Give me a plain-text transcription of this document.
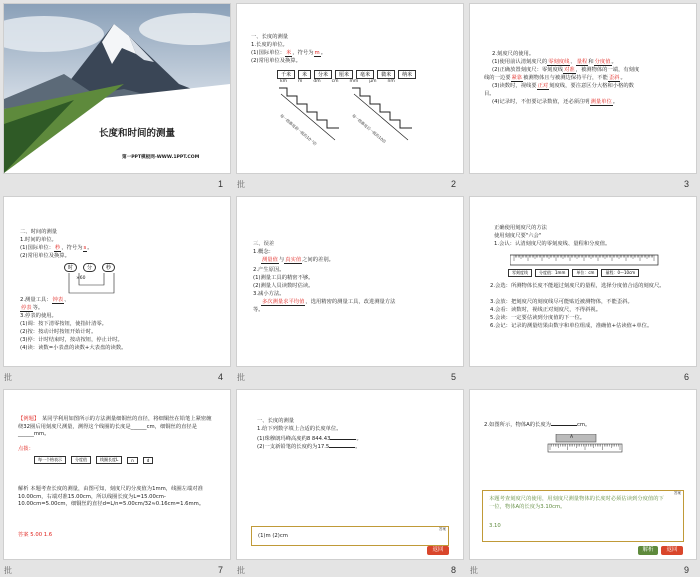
长度和时间的测量
第一PPT模板网-WWW.1PPT.COM
1
一、长度的测量
1.长度的单位。
(1)国际单位：米，符号为m。
(2)常用单位及换算。
千米	米	分米	厘米	毫米	微米	纳米
km m dm cm mm μm nm
每一级都是前一级的10⁻¹倍	每一级都是后一级的10倍
2
批
2.刻度尺的使用。
(1)使用前认清刻度尺的零刻度线、量程和分度值。
(2)正确放置刻度尺：零刻度线对准，被测物体的一端，有刻度
线的一边要紧靠被测物体且与被测边保持平行，不能歪斜。
(3)读数时，视线要正对刻度线，要注意区分大格和小格的数
目。
(4)记录时，不但要记录数值，还必须注明测量单位。
3
二、时间的测量
1.时间的单位。
(1)国际单位：秒，符号为s。
(2)常用单位及换算。
时	分	秒
×60
2.测量工具：钟表、
停表等。
3.停表的使用。
(1)调：按下清零按钮，使指针清零。
(2)按：按动计时按钮开始计时。
(3)停：计时结束时，按动按钮，停止计时。
(4)读：读数=小表盘的读数+大表盘的读数。
4
批
三、误差
1.概念：
测量值与真实值之间的差别。
2.产生原因。
(1)测量工具的精密不够。
(2)测量人员读数时估读。
3.减小方法。
多次测量求平均值，选用精密的测量工具，改进测量方法
等。
5
批
正确使用刻度尺的方法
使用刻度尺要"六会"
1.会认：认清刻度尺的零刻度线、量程和分度值。
零刻度线	分度值：1mm	单位：cm	量程：0～10cm
2.会选：所测物体长度不能超过刻度尺的量程，选择分度值合适的刻度尺。
3.会放：把刻度尺的刻度线尽可能贴近被测物体，不能歪斜。
4.会看：读数时，视线正对刻度尺，不得斜视。
5.会读：一定要估读到分度值的下一位。
6.会记：记录的测量结果由数字和单位组成，准确值+估读值+单位。
6
【例题】 某同学利用如图所示的方法测量细铜丝的直径，将细铜丝在铅笔上紧密缠绕32圈后用刻度尺测量，测得这个线圈的长度是______cm，细铜丝的直径是______mm。
点拨：
每一个格表示	分度值	线圈长度L	n	d
解析 本题考查长度的测量，由图可知，刻度尺的分度值为1mm，线圈左端对准10.00cm，右端对准15.00cm，所以线圈长度为L=15.00cm-10.00cm=5.00cm，细铜丝的直径d=L/n=5.00cm/32≈0.16cm=1.6mm。
答案 5.00 1.6
7
批
一、长度的测量
1.给下列数字填上合适的长度单位。
(1)珠穆朗玛峰高度约8 844.43	。
(2)一支新铅笔的长度约为17.5	。
答案
(1)m (2)cm
返回
8
批
2.如图所示，物体A的长度为	cm。
A
答案
本题考查刻度尺的使用，用刻度尺测量物体的长度时必须估读到分度值的下一位，物体A的长度为3.10cm。
3.10
解析	返回
9
批
